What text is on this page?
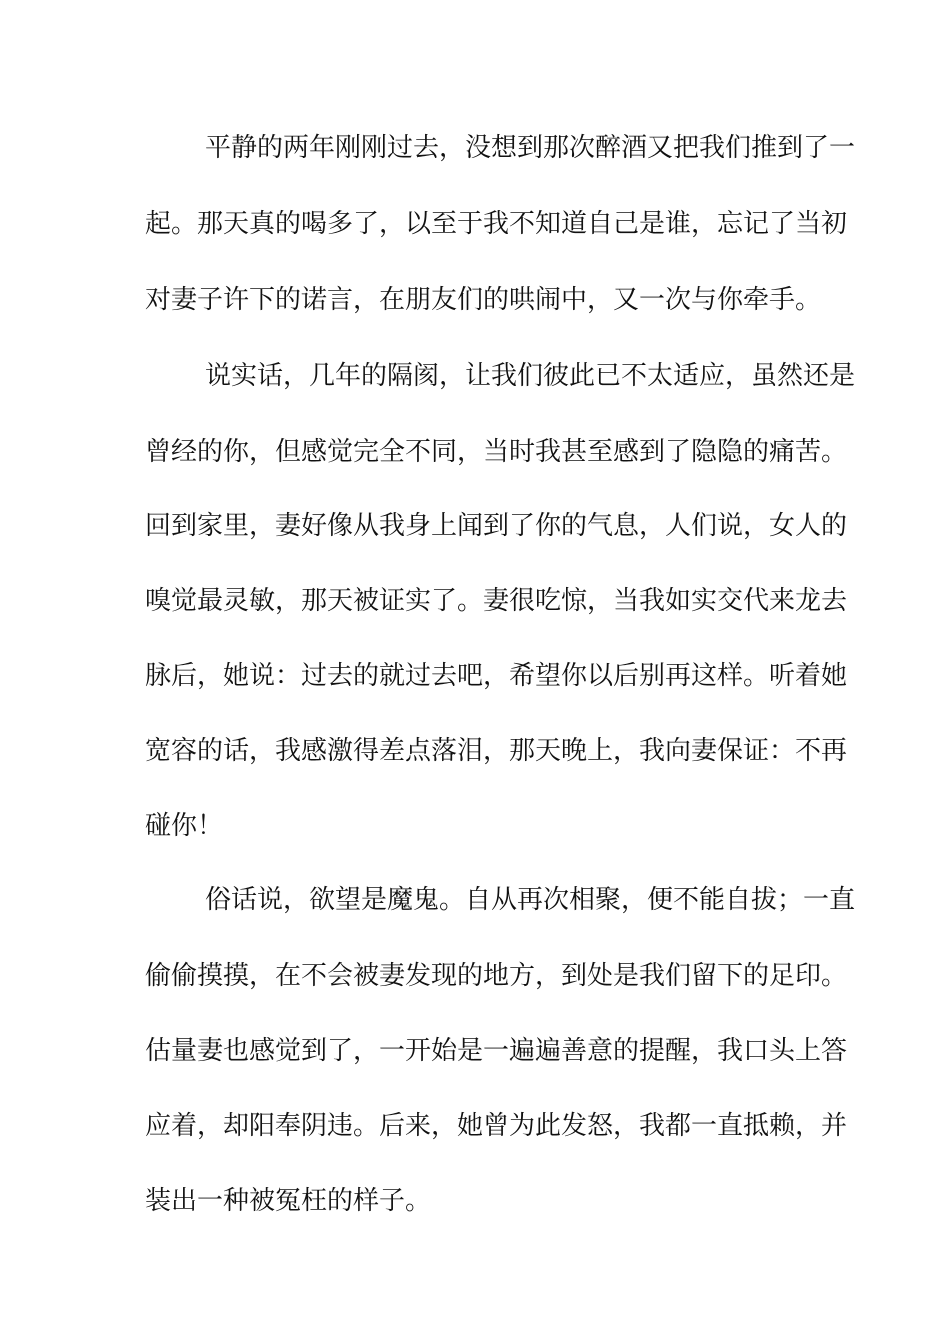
平静的两年刚刚过去，没想到那次醉酒又把我们推到了一
起。那天真的喝多了，以至于我不知道自己是谁，忘记了当初
对妻子许下的诺言，在朋友们的哄闹中，又一次与你牵手。
说实话，几年的隔阂，让我们彼此已不太适应，虽然还是
曾经的你，但感觉完全不同，当时我甚至感到了隐隐的痛苦。
回到家里，妻好像从我身上闻到了你的气息，人们说，女人的
嗅觉最灵敏，那天被证实了。妻很吃惊，当我如实交代来龙去
脉后，她说：过去的就过去吧，希望你以后别再这样。听着她
宽容的话，我感激得差点落泪，那天晚上，我向妻保证：不再
碰你！
俗话说，欲望是魔鬼。自从再次相聚，便不能自拔；一直
偷偷摸摸，在不会被妻发现的地方，到处是我们留下的足印。
估量妻也感觉到了，一开始是一遍遍善意的提醒，我口头上答
应着，却阳奉阴违。后来，她曾为此发怒，我都一直抵赖，并
装出一种被冤枉的样子。
